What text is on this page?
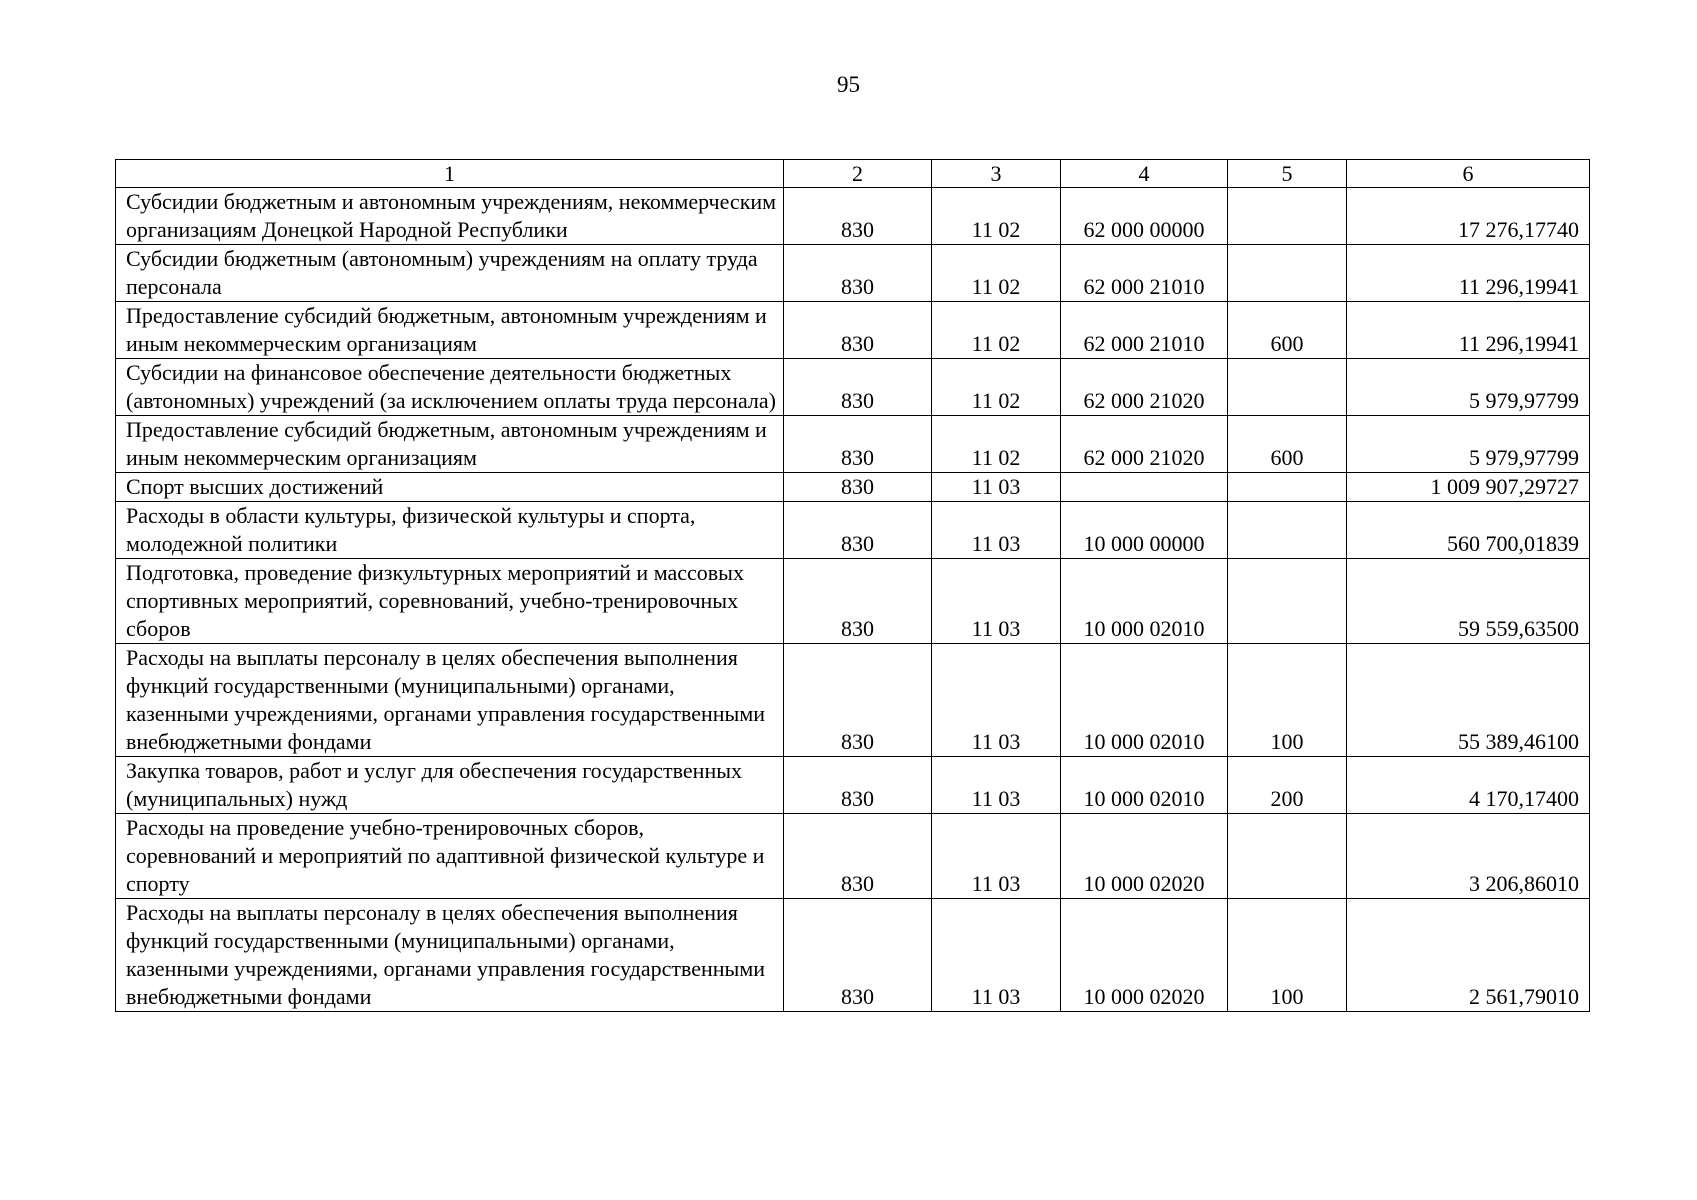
95
1	2	3	4	5	6
Субсидии бюджетным и автономным учреждениям, некоммерческим организациям Донецкой Народной Республики	830	11 02	62 000 00000		17 276,17740
Субсидии бюджетным (автономным) учреждениям на оплату труда персонала	830	11 02	62 000 21010		11 296,19941
Предоставление субсидий бюджетным, автономным учреждениям и иным некоммерческим организациям	830	11 02	62 000 21010	600	11 296,19941
Субсидии на финансовое обеспечение деятельности бюджетных (автономных) учреждений (за исключением оплаты труда персонала)	830	11 02	62 000 21020		5 979,97799
Предоставление субсидий бюджетным, автономным учреждениям и иным некоммерческим организациям	830	11 02	62 000 21020	600	5 979,97799
Спорт высших достижений	830	11 03			1 009 907,29727
Расходы в области культуры, физической культуры и спорта, молодежной политики	830	11 03	10 000 00000		560 700,01839
Подготовка, проведение физкультурных мероприятий и массовых спортивных мероприятий, соревнований, учебно-тренировочных сборов	830	11 03	10 000 02010		59 559,63500
Расходы на выплаты персоналу в целях обеспечения выполнения функций государственными (муниципальными) органами, казенными учреждениями, органами управления государственными внебюджетными фондами	830	11 03	10 000 02010	100	55 389,46100
Закупка товаров, работ и услуг для обеспечения государственных (муниципальных) нужд	830	11 03	10 000 02010	200	4 170,17400
Расходы на проведение учебно-тренировочных сборов, соревнований и мероприятий по адаптивной физической культуре и спорту	830	11 03	10 000 02020		3 206,86010
Расходы на выплаты персоналу в целях обеспечения выполнения функций государственными (муниципальными) органами, казенными учреждениями, органами управления государственными внебюджетными фондами	830	11 03	10 000 02020	100	2 561,79010
